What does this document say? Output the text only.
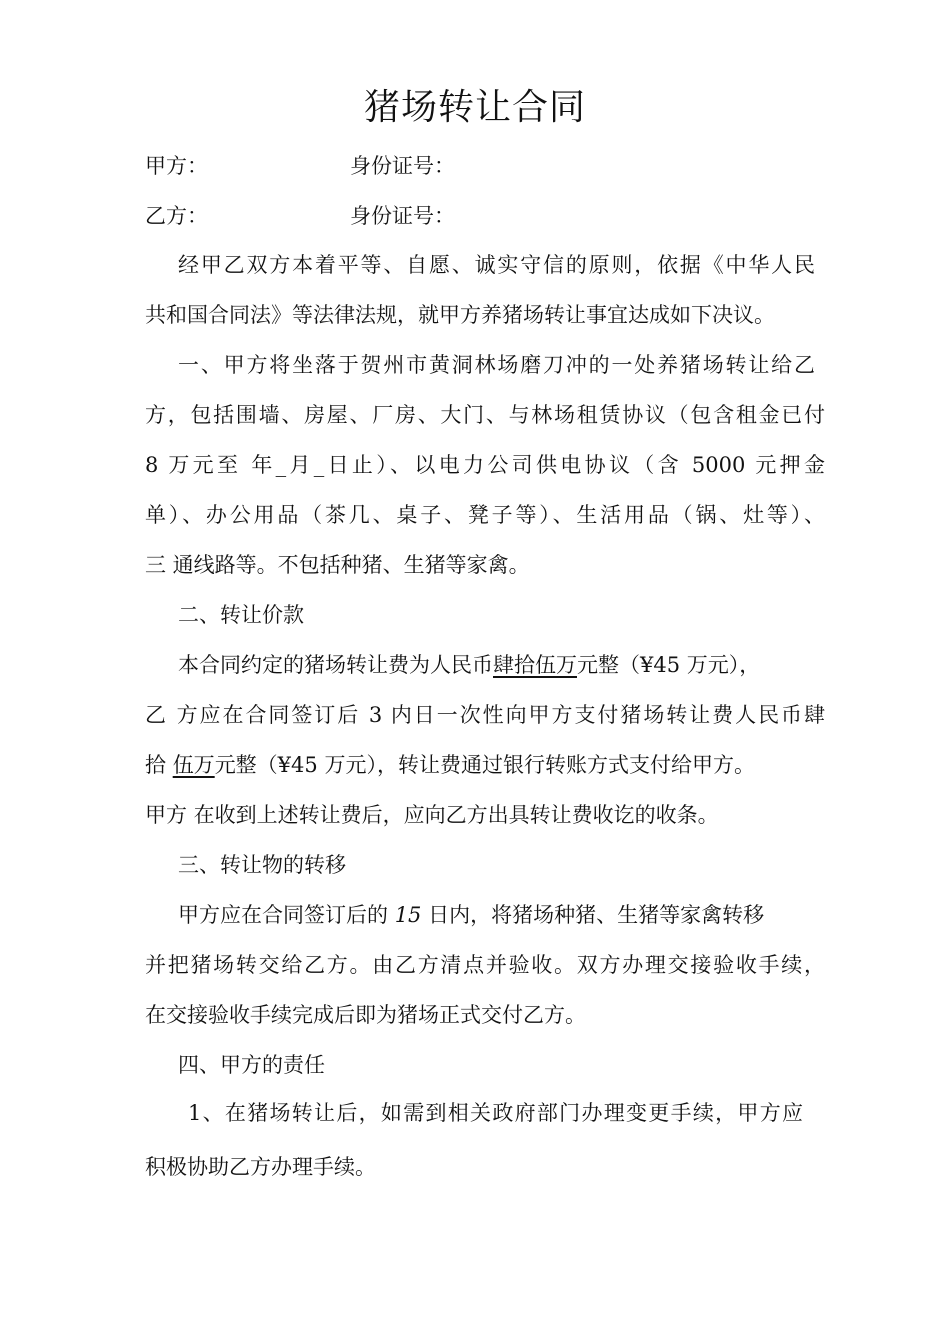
猪场转让合同
甲方：	身份证号：
乙方：	身份证号：
经甲乙双方本着平等、自愿、诚实守信的原则，依据《中华人民
共和国合同法》等法律法规，就甲方养猪场转让事宜达成如下决议。
一、甲方将坐落于贺州市黄洞林场磨刀冲的一处养猪场转让给乙
方，包括围墙、房屋、厂房、大门、与林场租赁协议（包含租金已付
8 万元至 年_月_日止）、以电力公司供电协议（含 5000 元押金
单）、办公用品（茶几、桌子、凳子等）、生活用品（锅、灶等）、
三 通线路等。不包括种猪、生猪等家禽。
二、转让价款
本合同约定的猪场转让费为人民币肆拾伍万元整（¥45 万元），
乙 方应在合同签订后 3 内日一次性向甲方支付猪场转让费人民币肆
拾 伍万元整（¥45 万元），转让费通过银行转账方式支付给甲方。
甲方 在收到上述转让费后，应向乙方出具转让费收讫的收条。
三、转让物的转移
甲方应在合同签订后的 15 日内，将猪场种猪、生猪等家禽转移
并把猪场转交给乙方。由乙方清点并验收。双方办理交接验收手续，
在交接验收手续完成后即为猪场正式交付乙方。
四、甲方的责任
1、在猪场转让后，如需到相关政府部门办理变更手续，甲方应
积极协助乙方办理手续。
